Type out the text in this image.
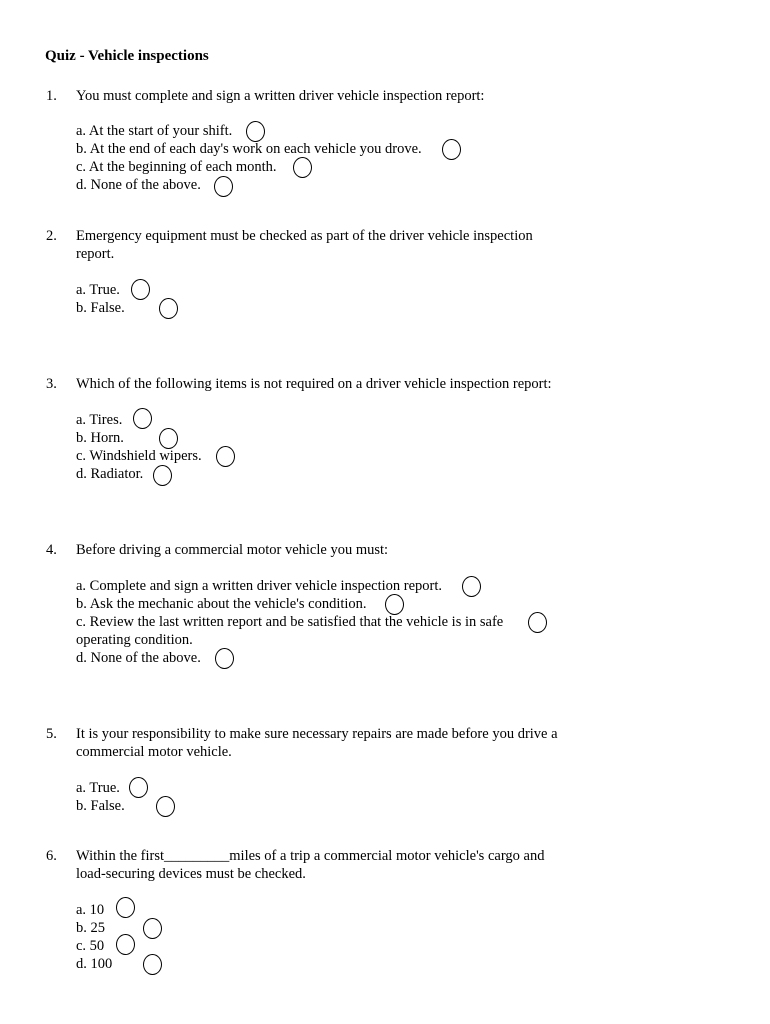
Quiz - Vehicle inspections
1. You must complete and sign a written driver vehicle inspection report:
a. At the start of your shift.
b. At the end of each day's work on each vehicle you drove.
c. At the beginning of each month.
d. None of the above.
2. Emergency equipment must be checked as part of the driver vehicle inspection report.
a. True.
b. False.
3. Which of the following items is not required on a driver vehicle inspection report:
a. Tires.
b. Horn.
c. Windshield wipers.
d. Radiator.
4. Before driving a commercial motor vehicle you must:
a. Complete and sign a written driver vehicle inspection report.
b. Ask the mechanic about the vehicle's condition.
c. Review the last written report and be satisfied that the vehicle is in safe operating condition.
d. None of the above.
5. It is your responsibility to make sure necessary repairs are made before you drive a commercial motor vehicle.
a. True.
b. False.
6. Within the first_________miles of a trip a commercial motor vehicle's cargo and load-securing devices must be checked.
a. 10
b. 25
c. 50
d. 100
